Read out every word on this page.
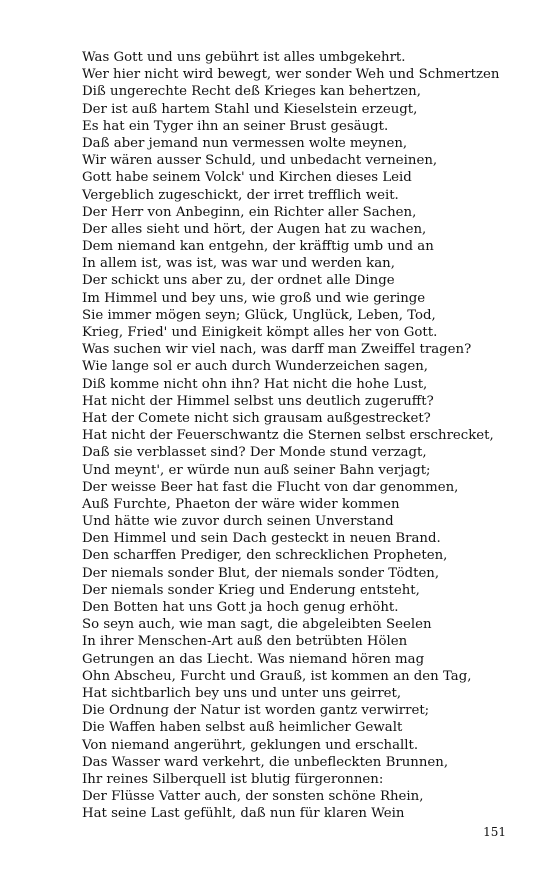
Was Gott und uns gebührt ist alles umbgekehrt.
Wer hier nicht wird bewegt, wer sonder Weh und Schmertzen
Diß ungerechte Recht deß Krieges kan behertzen,
Der ist auß hartem Stahl und Kieselstein erzeugt,
Es hat ein Tyger ihn an seiner Brust gesäugt.
Daß aber jemand nun vermessen wolte meynen,
Wir wären ausser Schuld, und unbedacht verneinen,
Gott habe seinem Volck' und Kirchen dieses Leid
Vergeblich zugeschickt, der irret trefflich weit.
Der Herr von Anbeginn, ein Richter aller Sachen,
Der alles sieht und hört, der Augen hat zu wachen,
Dem niemand kan entgehn, der kräfftig umb und an
In allem ist, was ist, was war und werden kan,
Der schickt uns aber zu, der ordnet alle Dinge
Im Himmel und bey uns, wie groß und wie geringe
Sie immer mögen seyn; Glück, Unglück, Leben, Tod,
Krieg, Fried' und Einigkeit kömpt alles her von Gott.
Was suchen wir viel nach, was darff man Zweiffel tragen?
Wie lange sol er auch durch Wunderzeichen sagen,
Diß komme nicht ohn ihn? Hat nicht die hohe Lust,
Hat nicht der Himmel selbst uns deutlich zugerufft?
Hat der Comete nicht sich grausam außgestrecket?
Hat nicht der Feuerschwantz die Sternen selbst erschrecket,
Daß sie verblasset sind? Der Monde stund verzagt,
Und meynt', er würde nun auß seiner Bahn verjagt;
Der weisse Beer hat fast die Flucht von dar genommen,
Auß Furchte, Phaeton der wäre wider kommen
Und hätte wie zuvor durch seinen Unverstand
Den Himmel und sein Dach gesteckt in neuen Brand.
Den scharffen Prediger, den schrecklichen Propheten,
Der niemals sonder Blut, der niemals sonder Tödten,
Der niemals sonder Krieg und Enderung entsteht,
Den Botten hat uns Gott ja hoch genug erhöht.
So seyn auch, wie man sagt, die abgeleibten Seelen
In ihrer Menschen-Art auß den betrübten Hölen
Getrungen an das Liecht. Was niemand hören mag
Ohn Abscheu, Furcht und Grauß, ist kommen an den Tag,
Hat sichtbarlich bey uns und unter uns geirret,
Die Ordnung der Natur ist worden gantz verwirret;
Die Waffen haben selbst auß heimlicher Gewalt
Von niemand angerührt, geklungen und erschallt.
Das Wasser ward verkehrt, die unbefleckten Brunnen,
Ihr reines Silberquell ist blutig fürgeronnen:
Der Flüsse Vatter auch, der sonsten schöne Rhein,
Hat seine Last gefühlt, daß nun für klaren Wein
151
